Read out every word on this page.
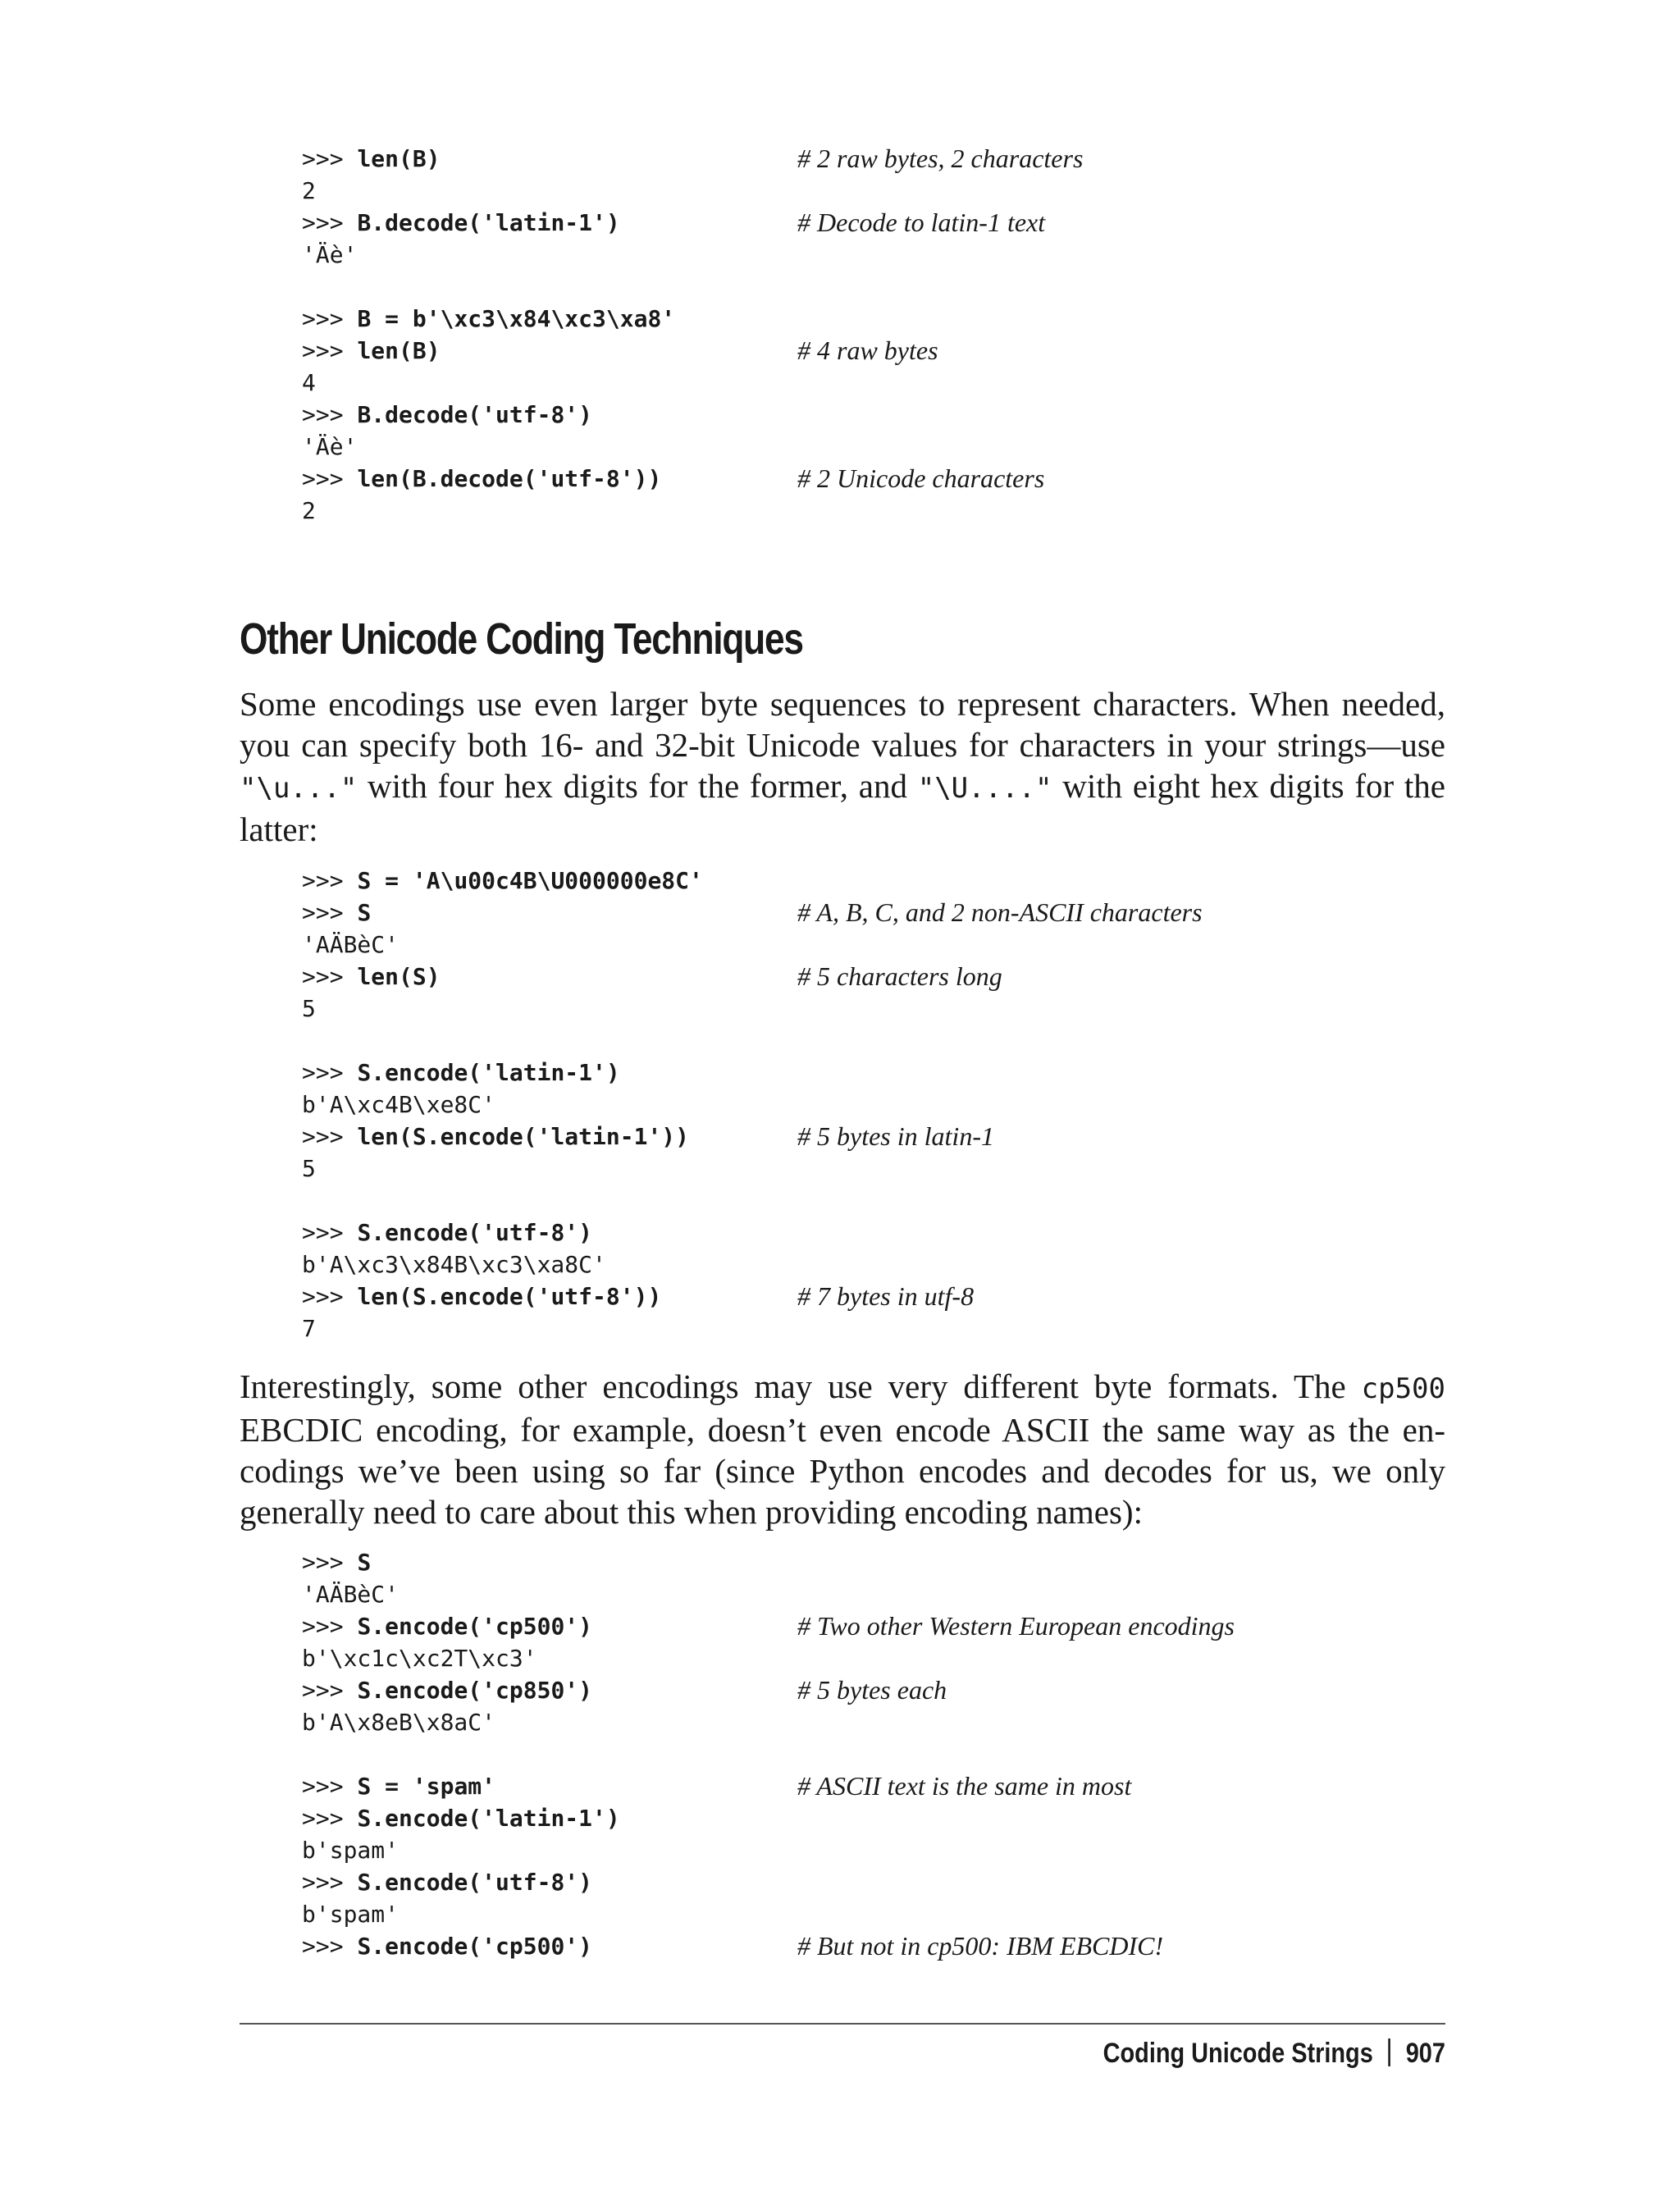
>>> len(B)	# 2 raw bytes, 2 characters
2
>>> B.decode('latin-1')	# Decode to latin-1 text
'Äè'
>>> B = b'\xc3\x84\xc3\xa8'
>>> len(B)	# 4 raw bytes
4
>>> B.decode('utf-8')
'Äè'
>>> len(B.decode('utf-8'))	# 2 Unicode characters
2
Other Unicode Coding Techniques
Some encodings use even larger byte sequences to represent characters. When needed,
you can specify both 16- and 32-bit Unicode values for characters in your strings—use
"\u..." with four hex digits for the former, and "\U...." with eight hex digits for the
latter:
>>> S = 'A\u00c4B\U000000e8C'
>>> S	# A, B, C, and 2 non-ASCII characters
'AÄBèC'
>>> len(S)	# 5 characters long
5
>>> S.encode('latin-1')
b'A\xc4B\xe8C'
>>> len(S.encode('latin-1'))	# 5 bytes in latin-1
5
>>> S.encode('utf-8')
b'A\xc3\x84B\xc3\xa8C'
>>> len(S.encode('utf-8'))	# 7 bytes in utf-8
7
Interestingly, some other encodings may use very different byte formats. The cp500
EBCDIC encoding, for example, doesn’t even encode ASCII the same way as the en-
codings we’ve been using so far (since Python encodes and decodes for us, we only
generally need to care about this when providing encoding names):
>>> S
'AÄBèC'
>>> S.encode('cp500')	# Two other Western European encodings
b'\xc1c\xc2T\xc3'
>>> S.encode('cp850')	# 5 bytes each
b'A\x8eB\x8aC'
>>> S = 'spam'	# ASCII text is the same in most
>>> S.encode('latin-1')
b'spam'
>>> S.encode('utf-8')
b'spam'
>>> S.encode('cp500')	# But not in cp500: IBM EBCDIC!
Coding Unicode Strings 907
